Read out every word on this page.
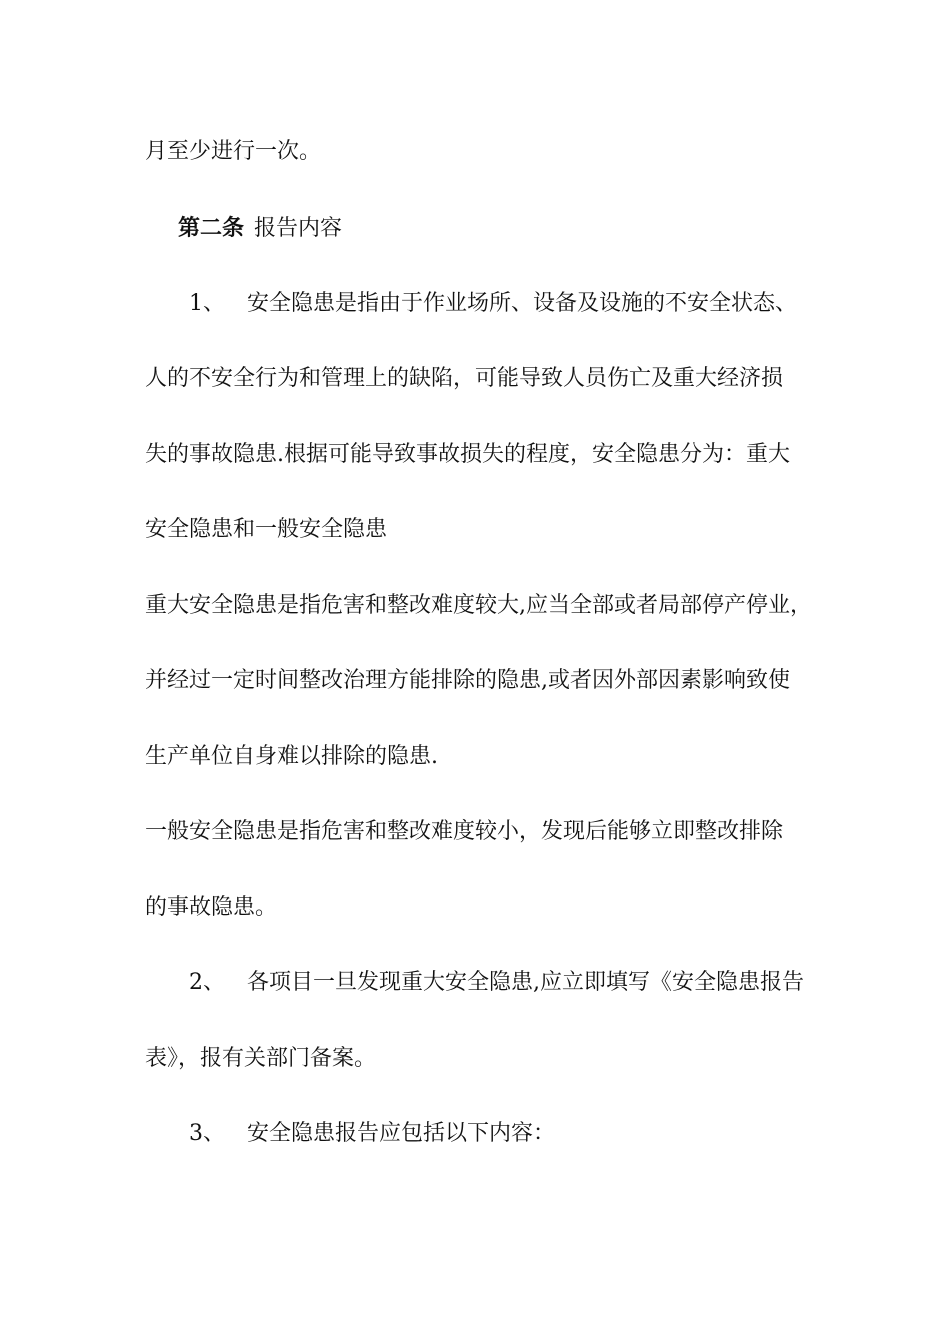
月至少进行一次。
第二条 报告内容
1、 安全隐患是指由于作业场所、设备及设施的不安全状态、
人的不安全行为和管理上的缺陷，可能导致人员伤亡及重大经济损
失的事故隐患.根据可能导致事故损失的程度，安全隐患分为：重大
安全隐患和一般安全隐患
重大安全隐患是指危害和整改难度较大,应当全部或者局部停产停业，
并经过一定时间整改治理方能排除的隐患,或者因外部因素影响致使
生产单位自身难以排除的隐患.
一般安全隐患是指危害和整改难度较小，发现后能够立即整改排除
的事故隐患。
2、 各项目一旦发现重大安全隐患,应立即填写《安全隐患报告
表》，报有关部门备案。
3、 安全隐患报告应包括以下内容：
